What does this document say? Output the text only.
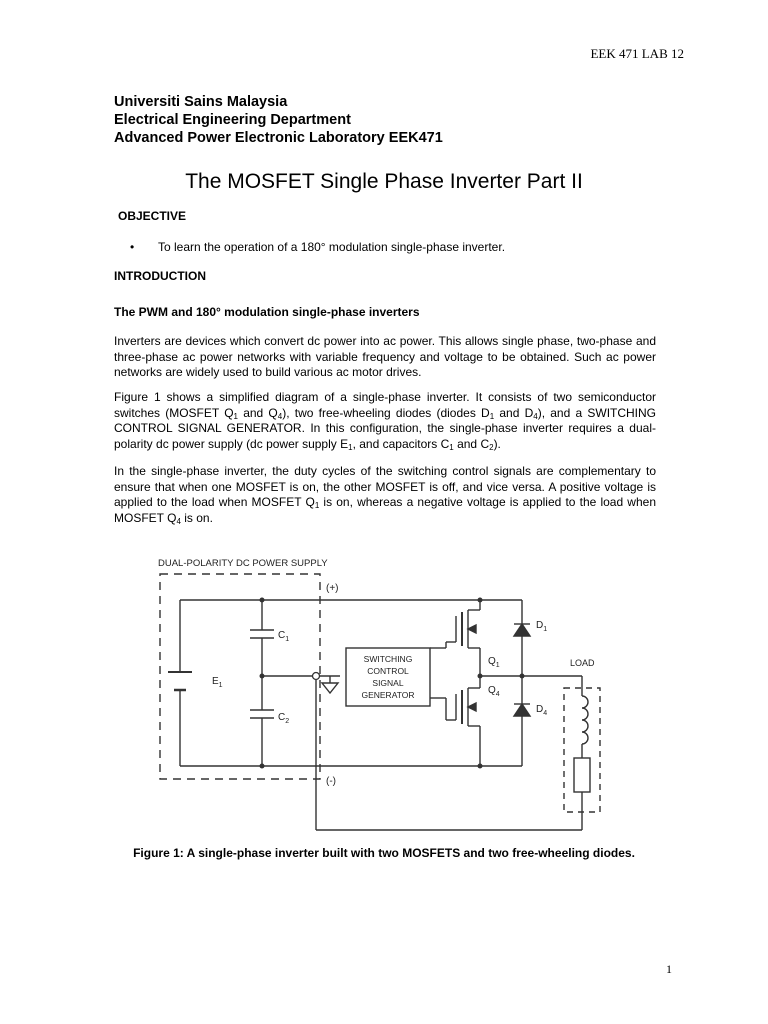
EEK 471 LAB 12
Universiti Sains Malaysia
Electrical Engineering Department
Advanced Power Electronic Laboratory EEK471
The MOSFET Single Phase Inverter Part II
OBJECTIVE
• To learn the operation of a 180° modulation single-phase inverter.
INTRODUCTION
The PWM and 180° modulation single-phase inverters
Inverters are devices which convert dc power into ac power. This allows single phase, two-phase and three-phase ac power networks with variable frequency and voltage to be obtained. Such ac power networks are widely used to build various ac motor drives.
Figure 1 shows a simplified diagram of a single-phase inverter. It consists of two semiconductor switches (MOSFET $Q_1$ and $Q_4$), two free-wheeling diodes (diodes $D_1$ and $D_4$), and a SWITCHING CONTROL SIGNAL GENERATOR. In this configuration, the single-phase inverter requires a dual-polarity dc power supply (dc power supply $E_1$, and capacitors $C_1$ and $C_2$).
In the single-phase inverter, the duty cycles of the switching control signals are complementary to ensure that when one MOSFET is on, the other MOSFET is off, and vice versa. A positive voltage is applied to the load when MOSFET $Q_1$ is on, whereas a negative voltage is applied to the load when MOSFET $Q_4$ is on.
DUAL-POLARITY DC POWER SUPPLY
(+)
(-)
$C_1$
$C_2$
$E_1$
$Q_1$
$Q_4$
$D_1$
$D_4$
LOAD
SWITCHING
CONTROL
SIGNAL
GENERATOR
Figure 1: A single-phase inverter built with two MOSFETS and two free-wheeling diodes.
1
